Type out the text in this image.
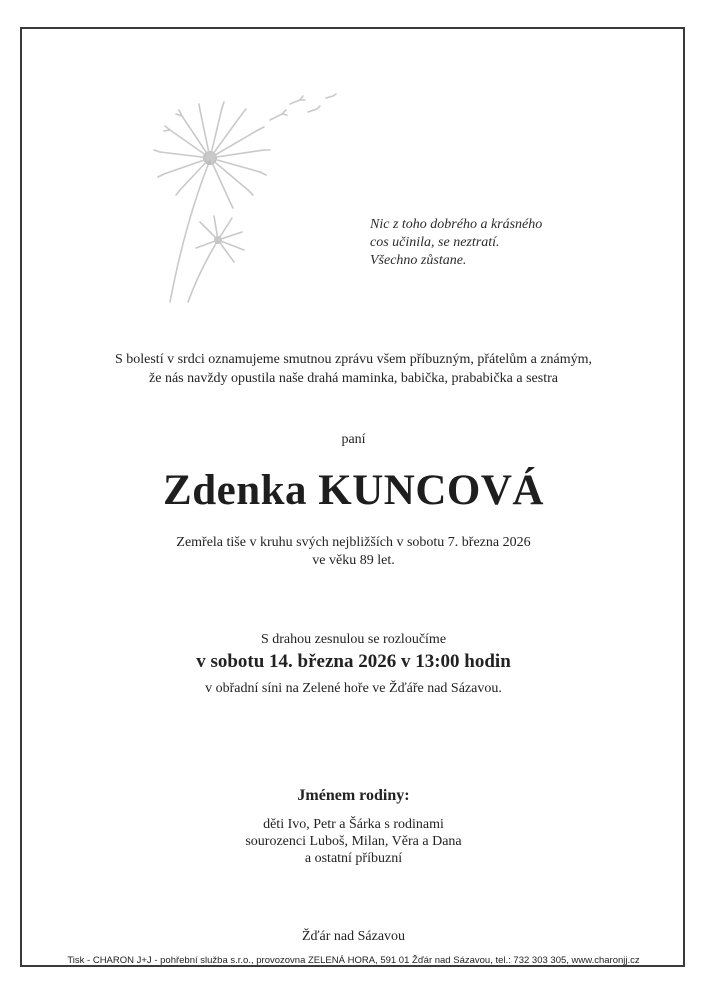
Nic z toho dobrého a krásného
cos učinila, se neztratí.
Všechno zůstane.
S bolestí v srdci oznamujeme smutnou zprávu všem příbuzným, přátelům a známým,
že nás navždy opustila naše drahá maminka, babička, prababička a sestra
paní
Zdenka KUNCOVÁ
Zemřela tiše v kruhu svých nejbližších v sobotu 7. března 2026
ve věku 89 let.
S drahou zesnulou se rozloučíme
v sobotu 14. března 2026 v 13:00 hodin
v obřadní síni na Zelené hoře ve Žďáře nad Sázavou.
Jménem rodiny:
děti Ivo, Petr a Šárka s rodinami
sourozenci Luboš, Milan, Věra a Dana
a ostatní příbuzní
Žďár nad Sázavou
Tisk - CHARON J+J - pohřební služba s.r.o., provozovna ZELENÁ HORA, 591 01 Žďár nad Sázavou, tel.: 732 303 305, www.charonjj.cz
